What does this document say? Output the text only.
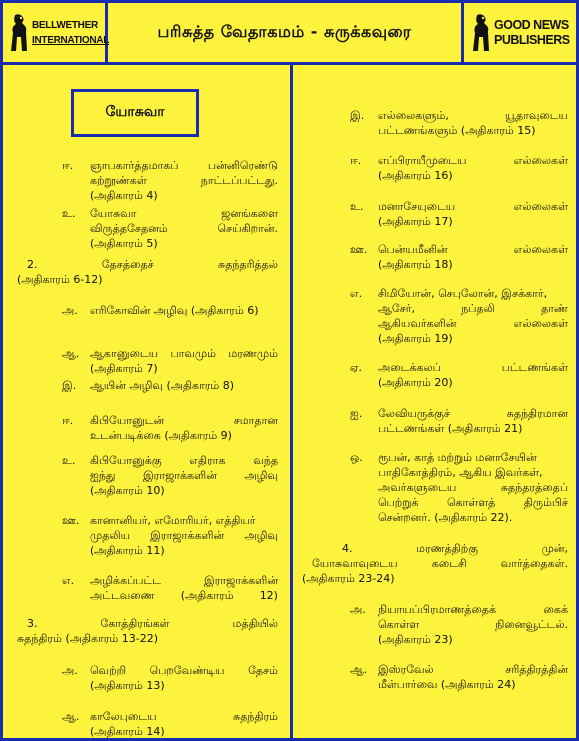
BELLWETHER
INTERNATIONAL	பரிசுத்த வேதாகமம் - சுருக்கவுரை	GOOD NEWS
PUBLISHERS
யோசுவா
ஈ. ஞாபகார்த்தமாகப்	பன்னிரெண்டு
கற்றூண்கள்	நாட்டப்பட்டது.
(அதிகாரம் 4)
உ. யோசுவா	ஜனங்களை
விருத்தசேதனம்	செய்கிறான்.
(அதிகாரம் 5)
2.	தேசத்தைச்	சுதந்தரித்தல்
(அதிகாரம் 6-12)
அ. எரிகோவின் அழிவு (அதிகாரம் 6)
ஆ. ஆகானுடைய பாவமும் மரணமும்
(அதிகாரம் 7)
இ. ஆயின் அழிவு (அதிகாரம் 8)
ஈ. கிபியோனுடன்	சமாதான
உடன்படிக்கை (அதிகாரம் 9)
உ. கிபியோனுக்கு	எதிராக	வந்த
ஐந்து	இராஜாக்களின்	அழிவு
(அதிகாரம் 10)
ஊ. கானானியர், எமோரியர், எத்தியர்
முதலிய இராஜாக்களின் அழிவு
(அதிகாரம் 11)
எ. அழிக்கப்பட்ட	இராஜாக்களின்
அட்டவணை (அதிகாரம் 12)
3.	கோத்திரங்கள்	மத்தியில்
சுதந்திரம் (அதிகாரம் 13-22)
அ. வெற்றி பெறவேண்டிய தேசம்
(அதிகாரம் 13)
ஆ. காலேபுடைய	சுதந்திரம்
(அதிகாரம் 14)
இ. எல்லைகளும்,	யூதாவுடைய
பட்டணங்களும் (அதிகாரம் 15)
ஈ. எப்பிராயீமுடைய	எல்லைகள்
(அதிகாரம் 16)
உ. மனாசேயுடைய	எல்லைகள்
(அதிகாரம் 17)
ஊ. பென்யமீனின்	எல்லைகள்
(அதிகாரம் 18)
எ. சிமியோன், செபுலோன், இசக்கார்,
ஆசேர்,	நப்தலி	தாண்
ஆகியவர்களின்	எல்லைகள்
(அதிகாரம் 19)
ஏ. அடைக்கலப்	பட்டணங்கள்
(அதிகாரம் 20)
ஐ. லேவியருக்குச்	சுதந்திரமான
பட்டணங்கள் (அதிகாரம் 21)
ஒ. ரூபன், காத் மற்றும் மனாசேயின்
பாதிகோத்திரம், ஆகிய இவர்கள்,
அவர்களுடைய	சுதந்தரத்தைப்
பெற்றுக்	கொள்ளத்	திரும்பிச்
சென்றனர். (அதிகாரம் 22).
4.	மரணத்திற்கு	முன்,
யோசுவாவுடைய	கடைசி	வார்த்தைகள்.
(அதிகாரம் 23-24)
அ. நியாயப்பிரமாணத்தைக்	கைக்
கொள்ள	நினைவூட்டல்.
(அதிகாரம் 23)
ஆ. இஸ்ரவேல்	சரித்திரத்தின்
மீள்பார்வை (அதிகாரம் 24)
